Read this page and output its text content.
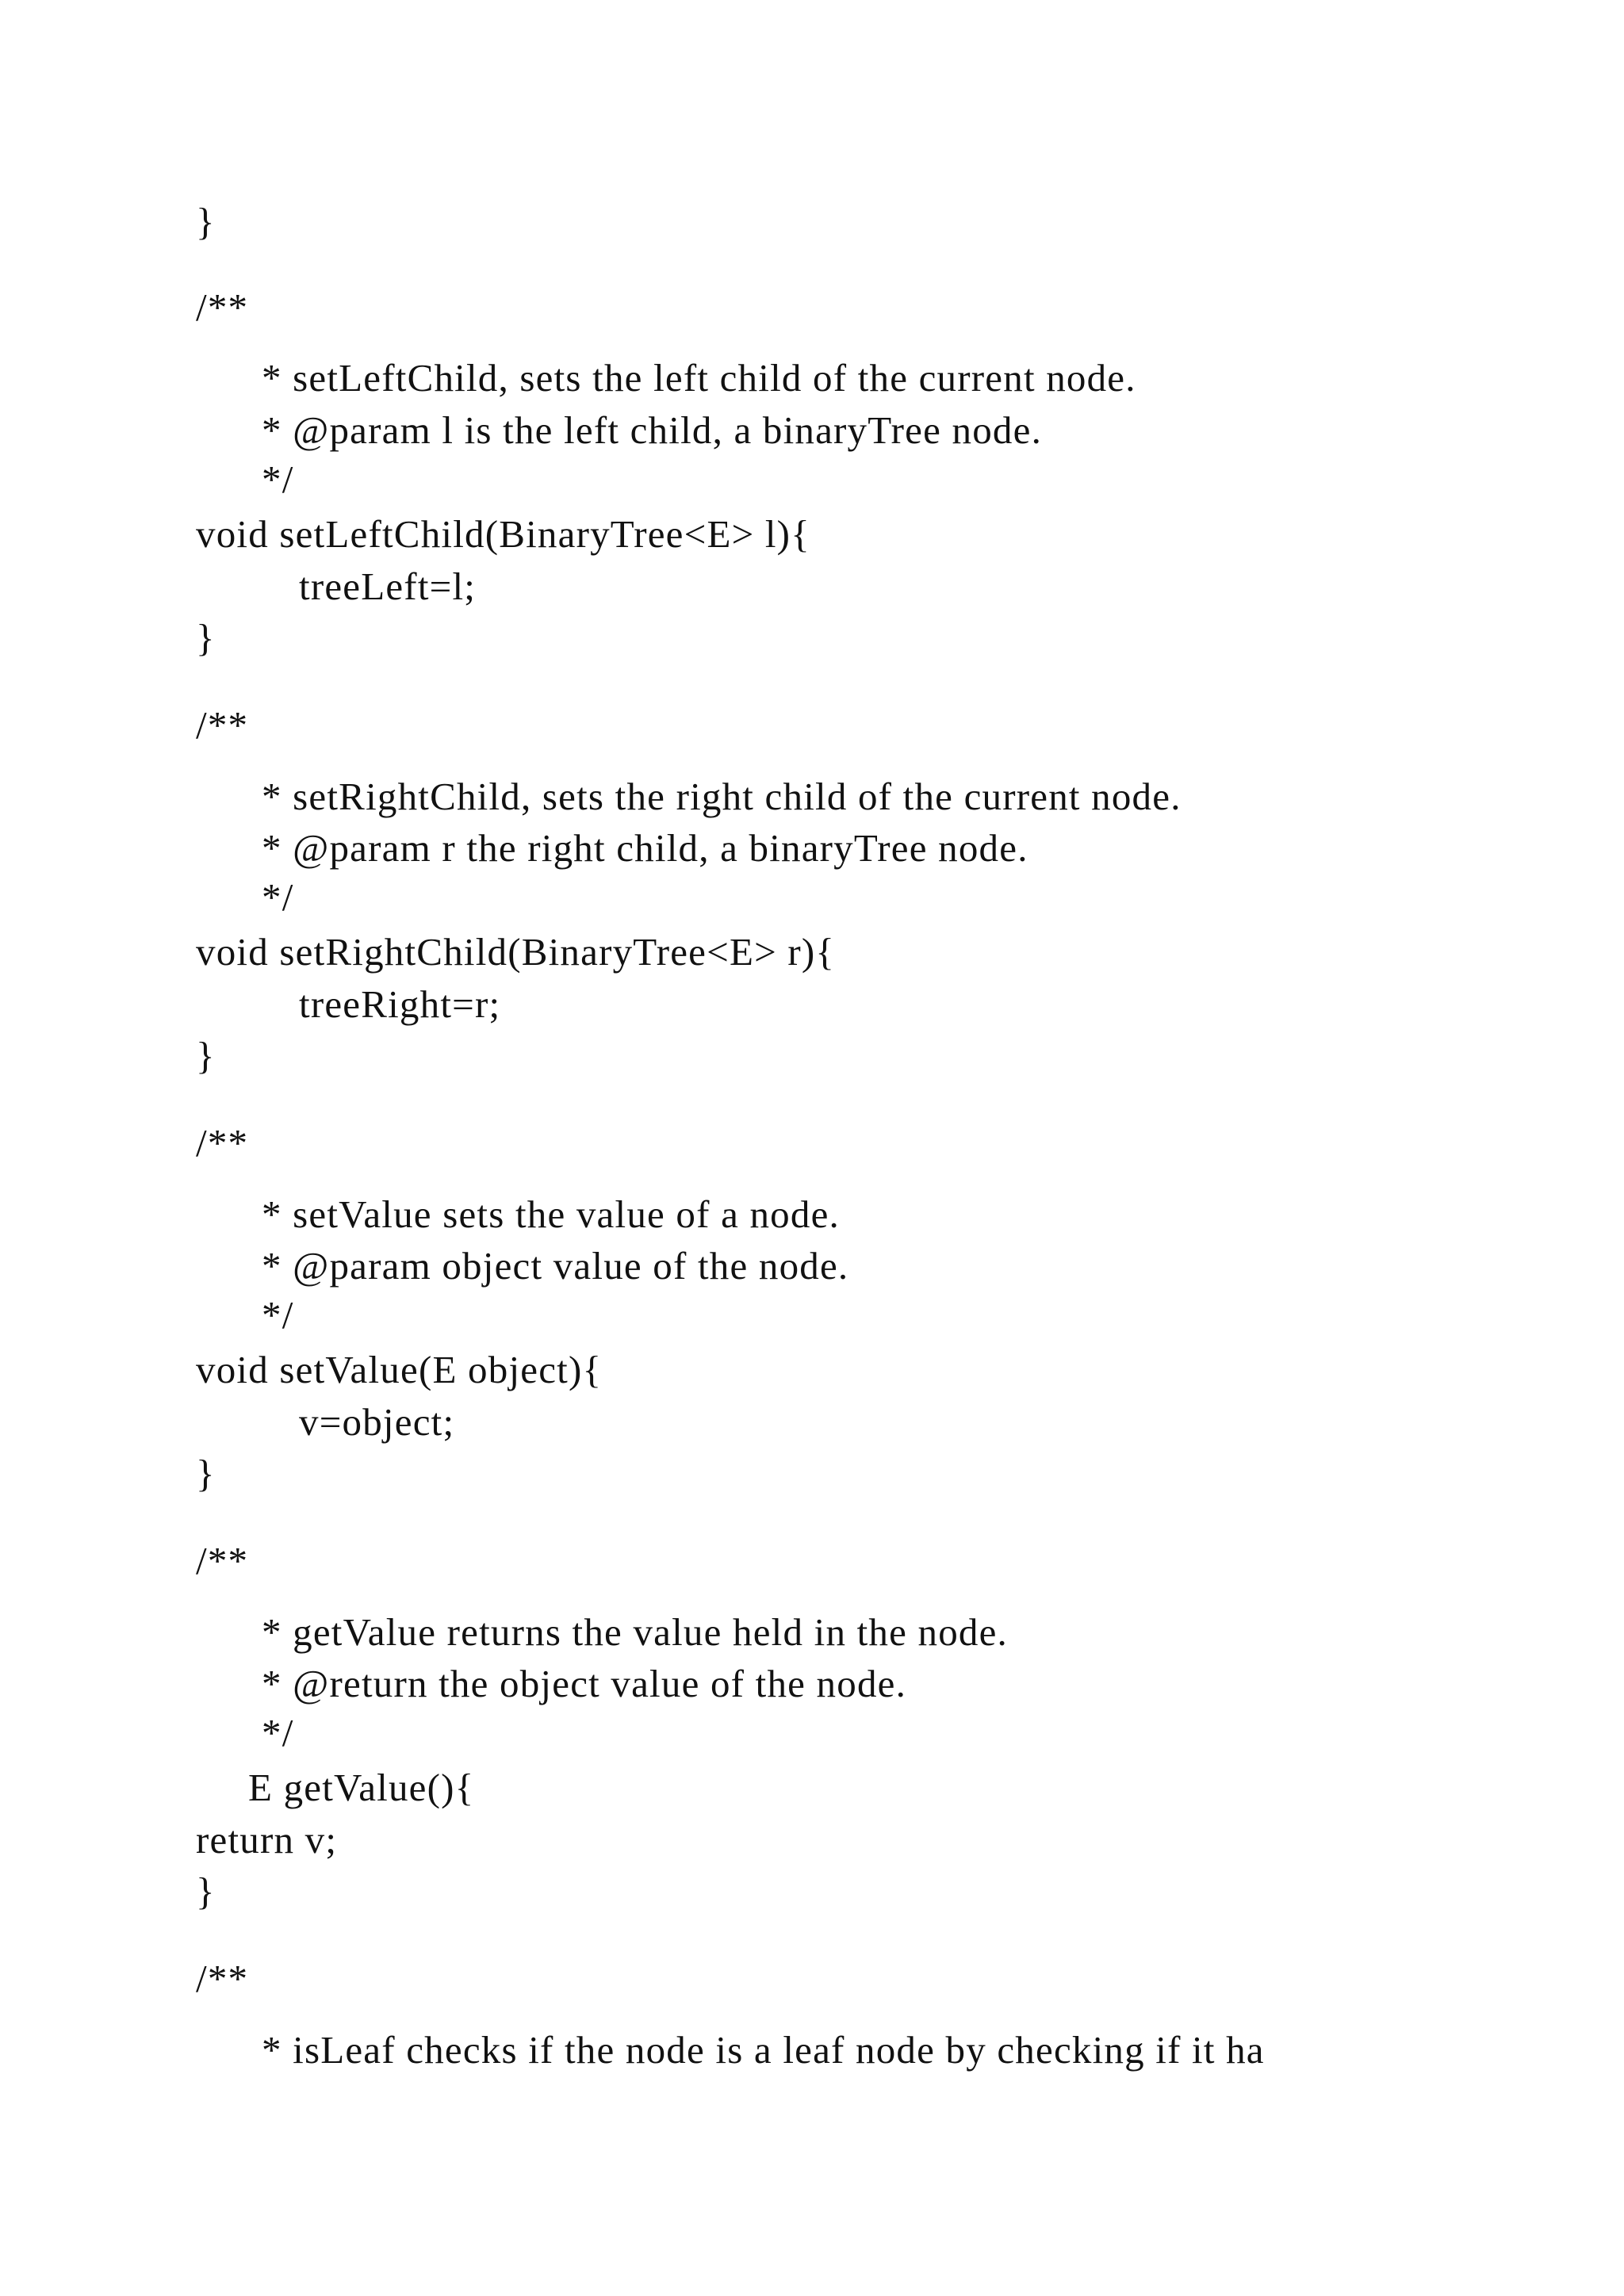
}
/**
* setLeftChild, sets the left child of the current node.
* @param l is the left child, a binaryTree node.
*/
void setLeftChild(BinaryTree<E> l){
treeLeft=l;
}
/**
* setRightChild, sets the right child of the current node.
* @param r the right child, a binaryTree node.
*/
void setRightChild(BinaryTree<E> r){
treeRight=r;
}
/**
* setValue sets the value of a node.
* @param object value of the node.
*/
void setValue(E object){
v=object;
}
/**
* getValue returns the value held in the node.
* @return the object value of the node.
*/
E getValue(){
return v;
}
/**
* isLeaf checks if the node is a leaf node by checking if it ha
